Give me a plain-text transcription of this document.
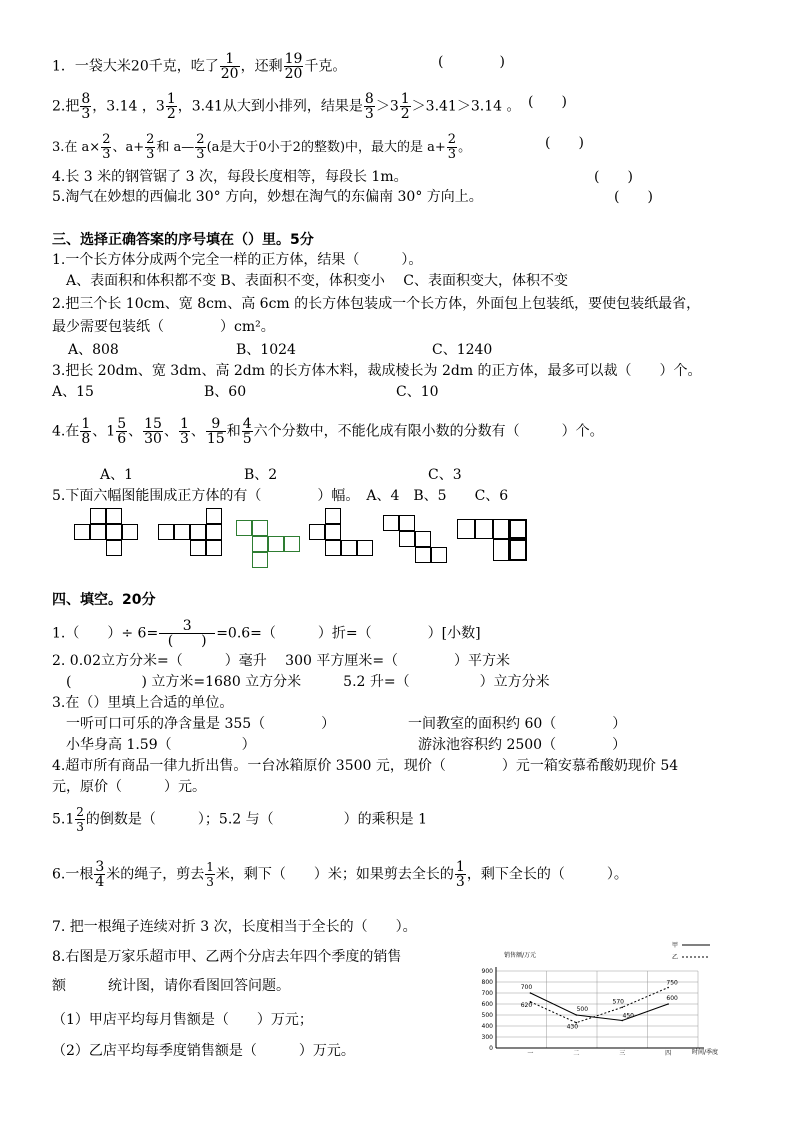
1．一袋大米20千克，吃了 $\frac{1}{20}$ ，还剩 $\frac{19}{20}$ 千克。	(　　　　)
2.把 $\frac{8}{3}$ ，3.14 ，$3 \frac{1}{2}$ ，3.41从大到小排列，结果是 $\frac{8}{3} >3 \frac{1}{2} >3.41>3.14$ 。 (　　)
3.在 $a\times \frac{2}{3}$ 、$a+ \frac{2}{3}$ 和 a— $\frac{2}{3} (a$是大于0小于2的整数)中，最大的是 $a+ \frac{2}{3}$ 。	(　　)
4.长 3 米的钢管锯了 3 次，每段长度相等，每段长 1m。	(　　)
5.淘气在妙想的西偏北 30° 方向，妙想在淘气的东偏南 30° 方向上。	(　　)
三、选择正确答案的序号填在（）里。5分
1.一个长方体分成两个完全一样的正方体，结果（　　　）。
　A、表面积和体积都不变 B、表面积不变，体积变小　 C、表面积变大，体积不变
2.把三个长 10cm、宽 8cm、高 6cm 的长方体包装成一个长方体，外面包上包装纸，要使包装纸最省，
最少需要包装纸（　　　　）cm²。
A、808	B、1024	C、1240
3.把长 20dm、宽 3dm、高 2dm 的长方体木料，裁成棱长为 2dm 的正方体，最多可以裁（　　）个。
A、15	B、60	C、10
4.在 $\frac{1}{8}$ 、$1 \frac{5}{6}$ 、 $\frac{15}{30}$ 、 $\frac{1}{3}$ 、 $\frac{9}{15}$ 和 $\frac{4}{5}$ 六个分数中，不能化成有限小数的分数有（　　　）个。
A、1	B、2	C、3
5.下面六幅图能围成正方体的有（　　　　）幅。　A、4　B、5　　C、6
四、填空。20分
1.（　　）÷ $6= \frac{3}{( )} =0.6=$（　　　）折=（　　　　）[小数]
2. 0.02立方分米=（　　　）毫升　 300 平方厘米=（　　　　）平方米
　(　　　　　) 立方米=1680 立方分米　　　5.2 升=（　　　　　）立方分米
3.在（）里填上合适的单位。
　一听可口可乐的净含量是 355（　　　　）	一间教室的面积约 60（　　　　）
　小华身高 1.59（　　　　　）	游泳池容积约 2500（　　　　）
4.超市所有商品一律九折出售。一台冰箱原价 3500 元，现价（　　　　）元一箱安慕希酸奶现价 54
元，原价（　　　）元。
$5.1 \frac{2}{3}$ 的倒数是（　　　）；5.2 与（　　　　　）的乘积是 1
6.一根 $\frac{3}{4}$ 米的绳子，剪去 $\frac{1}{3}$ 米，剩下（　　）米；如果剪去全长的 $\frac{1}{3}$ ，剩下全长的（　　　）。
7. 把一根绳子连续对折 3 次，长度相当于全长的（　　）。
8.右图是万家乐超市甲、乙两个分店去年四个季度的销售
额　　　统计图，请你看图回答问题。
（1）甲店平均每月售额是（　　）万元；
（2）乙店平均每季度销售额是（　　　）万元。
销售额/万元
甲
乙
0
300
400
500
600
700
800
900
一	二	三	四
700
500
450
600
620
430
570
750
时间/季度
